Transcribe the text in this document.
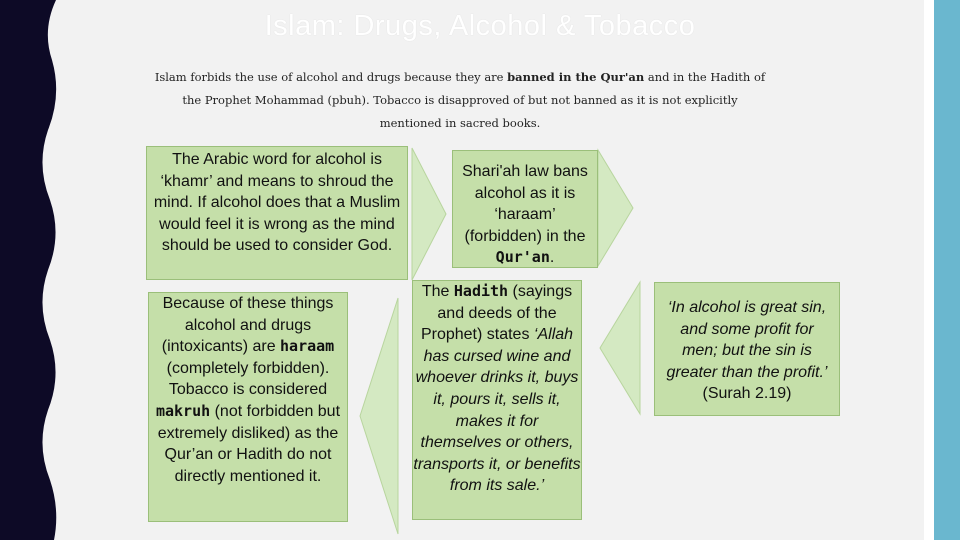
Islam: Drugs, Alcohol & Tobacco
Islam forbids the use of alcohol and drugs because they are banned in the Qur'an and in the Hadith of the Prophet Mohammad (pbuh). Tobacco is disapproved of but not banned as it is not explicitly mentioned in sacred books.
The Arabic word for alcohol is ‘khamr’ and means to shroud the mind. If alcohol does that a Muslim would feel it is wrong as the mind should be used to consider God.
Shari'ah law bans alcohol as it is ‘haraam’ (forbidden) in the Qur'an.
Because of these things alcohol and drugs (intoxicants) are haraam (completely forbidden). Tobacco is considered makruh (not forbidden but extremely disliked) as the Qur’an or Hadith do not directly mentioned it.
The Hadith (sayings and deeds of the Prophet) states ‘Allah has cursed wine and whoever drinks it, buys it, pours it, sells it, makes it for themselves or others, transports it, or benefits from its sale.’
‘In alcohol is great sin, and some profit for men; but the sin is greater than the profit.’ (Surah 2.19)
